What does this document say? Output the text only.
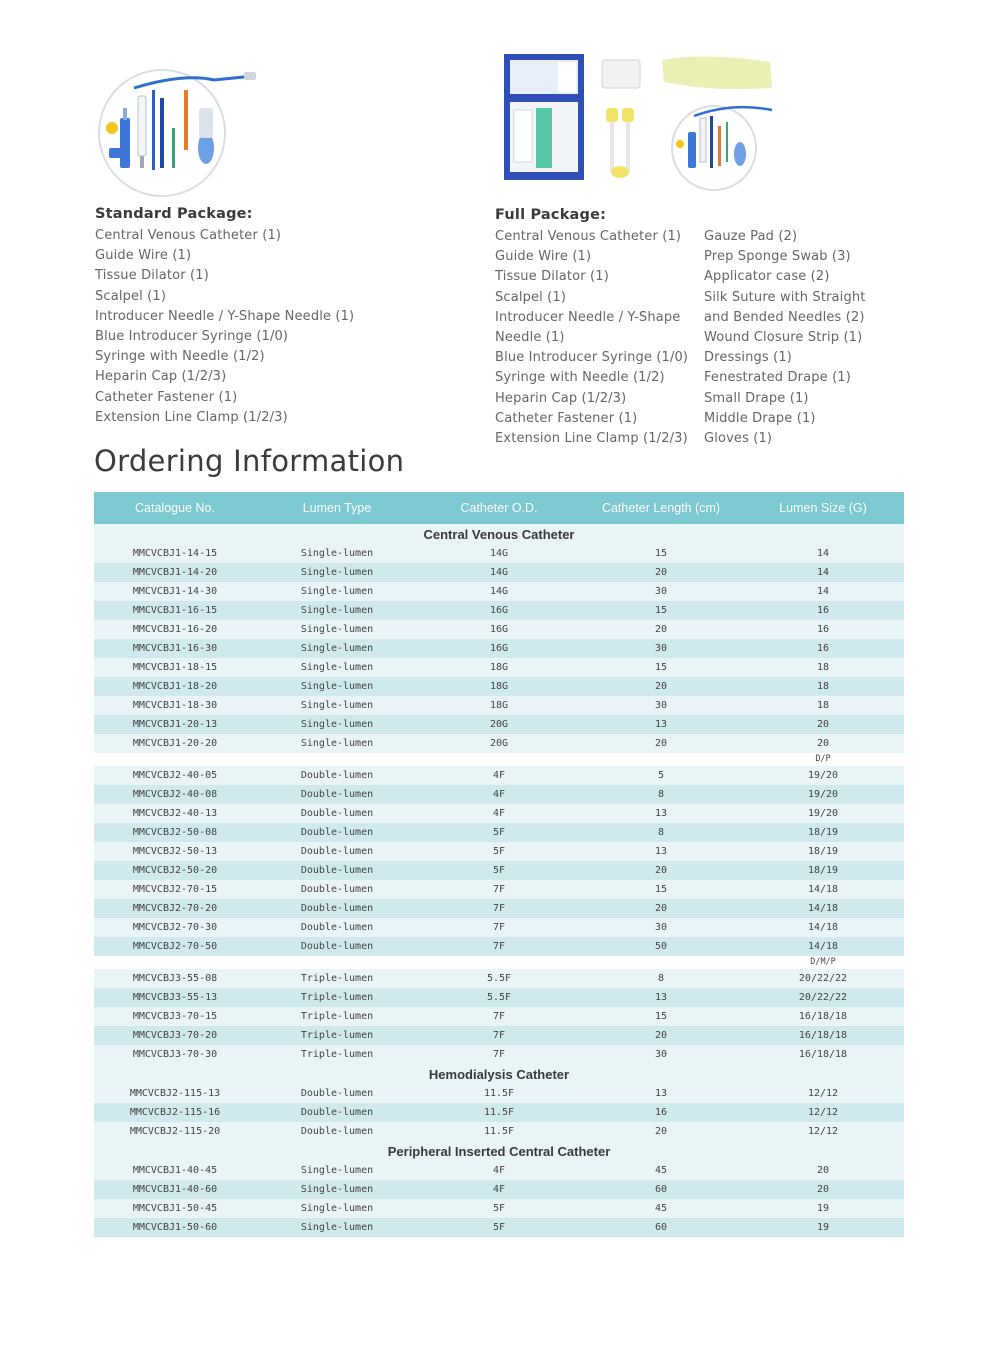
Standard Package:
Central Venous Catheter (1)
Guide Wire (1)
Tissue Dilator (1)
Scalpel (1)
Introducer Needle / Y-Shape Needle (1)
Blue Introducer Syringe (1/0)
Syringe with Needle (1/2)
Heparin Cap (1/2/3)
Catheter Fastener (1)
Extension Line Clamp (1/2/3)
Full Package:
Central Venous Catheter (1)
Guide Wire (1)
Tissue Dilator (1)
Scalpel (1)
Introducer Needle / Y-Shape
Needle (1)
Blue Introducer Syringe (1/0)
Syringe with Needle (1/2)
Heparin Cap (1/2/3)
Catheter Fastener (1)
Extension Line Clamp (1/2/3)
Gauze Pad (2)
Prep Sponge Swab (3)
Applicator case (2)
Silk Suture with Straight
and Bended Needles (2)
Wound Closure Strip (1)
Dressings (1)
Fenestrated Drape (1)
Small Drape (1)
Middle Drape (1)
Gloves (1)
Ordering Information
Catalogue No.	Lumen Type	Catheter O.D.	Catheter Length (cm)	Lumen Size (G)
Central Venous Catheter				
MMCVCBJ1-14-15	Single-lumen	14G	15	14
MMCVCBJ1-14-20	Single-lumen	14G	20	14
MMCVCBJ1-14-30	Single-lumen	14G	30	14
MMCVCBJ1-16-15	Single-lumen	16G	15	16
MMCVCBJ1-16-20	Single-lumen	16G	20	16
MMCVCBJ1-16-30	Single-lumen	16G	30	16
MMCVCBJ1-18-15	Single-lumen	18G	15	18
MMCVCBJ1-18-20	Single-lumen	18G	20	18
MMCVCBJ1-18-30	Single-lumen	18G	30	18
MMCVCBJ1-20-13	Single-lumen	20G	13	20
MMCVCBJ1-20-20	Single-lumen	20G	20	20
				D/P
MMCVCBJ2-40-05	Double-lumen	4F	5	19/20
MMCVCBJ2-40-08	Double-lumen	4F	8	19/20
MMCVCBJ2-40-13	Double-lumen	4F	13	19/20
MMCVCBJ2-50-08	Double-lumen	5F	8	18/19
MMCVCBJ2-50-13	Double-lumen	5F	13	18/19
MMCVCBJ2-50-20	Double-lumen	5F	20	18/19
MMCVCBJ2-70-15	Double-lumen	7F	15	14/18
MMCVCBJ2-70-20	Double-lumen	7F	20	14/18
MMCVCBJ2-70-30	Double-lumen	7F	30	14/18
MMCVCBJ2-70-50	Double-lumen	7F	50	14/18
				D/M/P
MMCVCBJ3-55-08	Triple-lumen	5.5F	8	20/22/22
MMCVCBJ3-55-13	Triple-lumen	5.5F	13	20/22/22
MMCVCBJ3-70-15	Triple-lumen	7F	15	16/18/18
MMCVCBJ3-70-20	Triple-lumen	7F	20	16/18/18
MMCVCBJ3-70-30	Triple-lumen	7F	30	16/18/18
Hemodialysis Catheter				
MMCVCBJ2-115-13	Double-lumen	11.5F	13	12/12
MMCVCBJ2-115-16	Double-lumen	11.5F	16	12/12
MMCVCBJ2-115-20	Double-lumen	11.5F	20	12/12
Peripheral Inserted Central Catheter				
MMCVCBJ1-40-45	Single-lumen	4F	45	20
MMCVCBJ1-40-60	Single-lumen	4F	60	20
MMCVCBJ1-50-45	Single-lumen	5F	45	19
MMCVCBJ1-50-60	Single-lumen	5F	60	19
